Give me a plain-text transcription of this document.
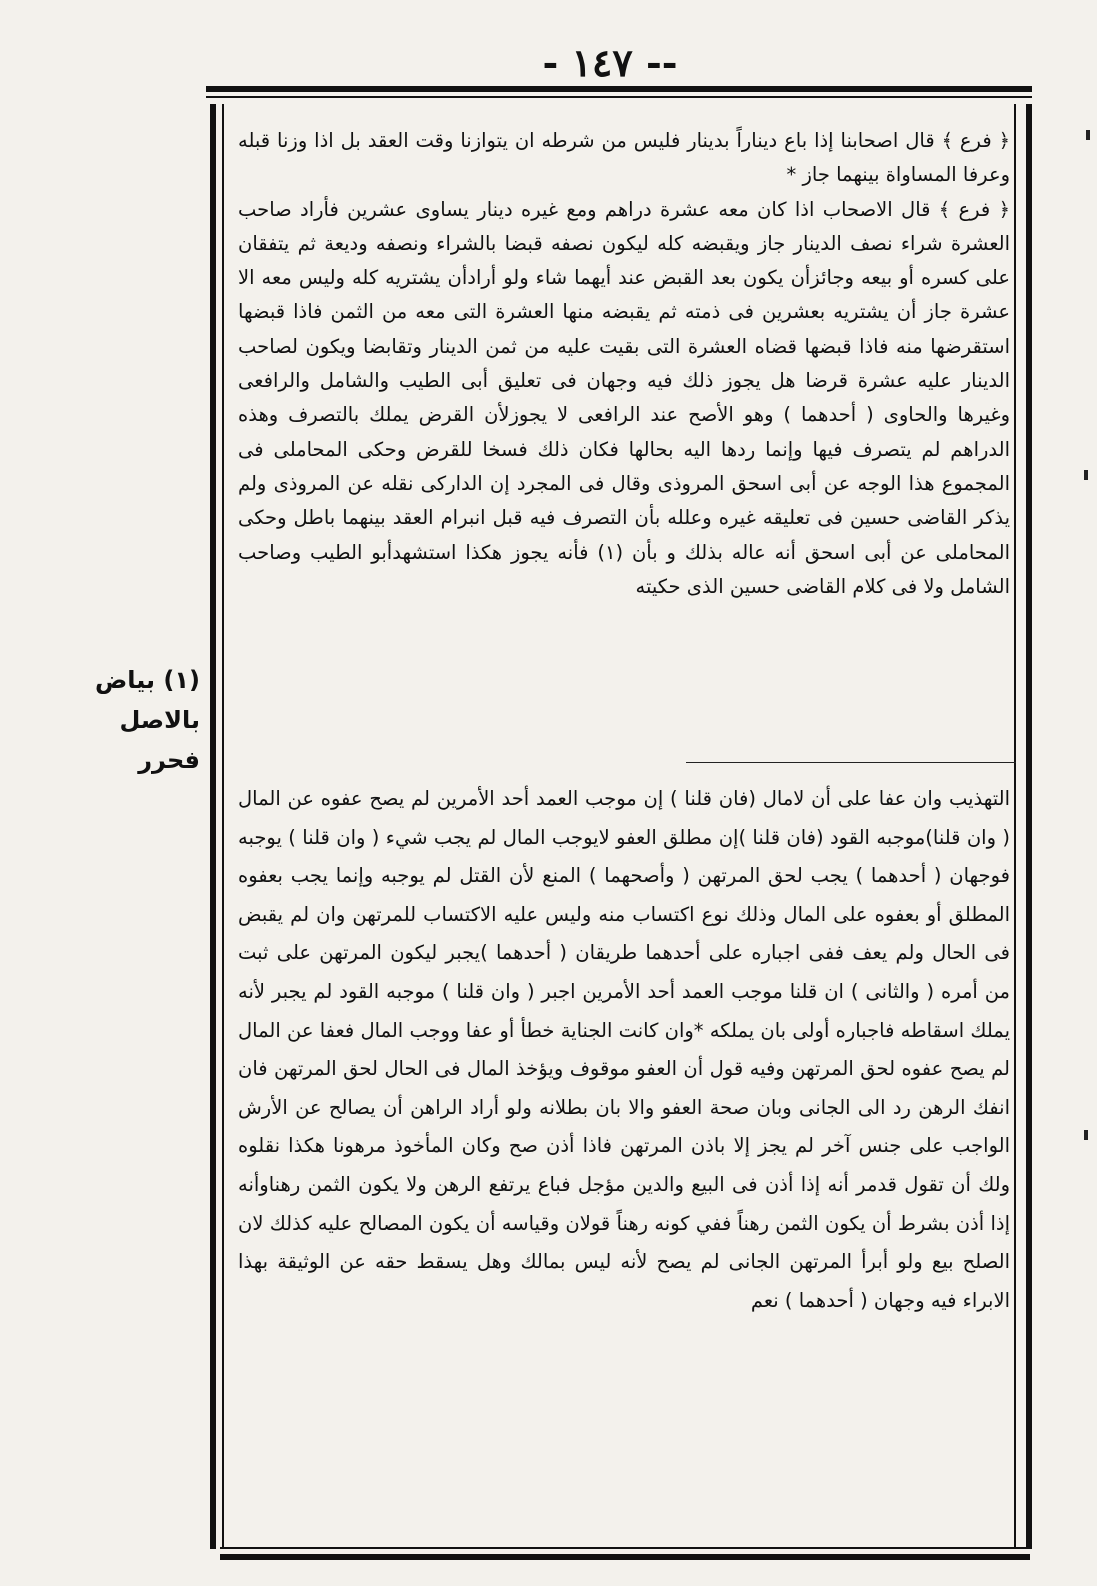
- ١٤٧ --

﴿ فرع ﴾ قال اصحابنا إذا باع ديناراً بدينار فليس من شرطه ان يتوازنا وقت العقد بل اذا وزنا قبله وعرفا المساواة بينهما جاز *

﴿ فرع ﴾ قال الاصحاب اذا كان معه عشرة دراهم ومع غيره دينار يساوى عشرين فأراد صاحب العشرة شراء نصف الدينار جاز ويقبضه كله ليكون نصفه قبضا بالشراء ونصفه وديعة ثم يتفقان على كسره أو بيعه وجائزأن يكون بعد القبض عند أيهما شاء ولو أرادأن يشتريه كله وليس معه الا عشرة جاز أن يشتريه بعشرين فى ذمته ثم يقبضه منها العشرة التى معه من الثمن فاذا قبضها استقرضها منه فاذا قبضها قضاه العشرة التى بقيت عليه من ثمن الدينار وتقابضا ويكون لصاحب الدينار عليه عشرة قرضا هل يجوز ذلك فيه وجهان فى تعليق أبى الطيب والشامل والرافعى وغيرها والحاوى ( أحدهما ) وهو الأصح عند الرافعى لا يجوزلأن القرض يملك بالتصرف وهذه الدراهم لم يتصرف فيها وإنما ردها اليه بحالها فكان ذلك فسخا للقرض وحكى المحاملى فى المجموع هذا الوجه عن أبى اسحق المروذى وقال فى المجرد إن الداركى نقله عن المروذى ولم يذكر القاضى حسين فى تعليقه غيره وعلله بأن التصرف فيه قبل انبرام العقد بينهما باطل وحكى المحاملى عن أبى اسحق أنه عاله بذلك و بأن (١) فأنه يجوز هكذا استشهدأبو الطيب وصاحب الشامل ولا فى كلام القاضى حسين الذى حكيته

التهذيب وان عفا على أن لامال (فان قلنا ) إن موجب العمد أحد الأمرين لم يصح عفوه عن المال ( وان قلنا)موجبه القود (فان قلنا )إن مطلق العفو لايوجب المال لم يجب شيء ( وان قلنا ) يوجبه فوجهان ( أحدهما ) يجب لحق المرتهن ( وأصحهما ) المنع لأن القتل لم يوجبه وإنما يجب بعفوه المطلق أو بعفوه على المال وذلك نوع اكتساب منه وليس عليه الاكتساب للمرتهن وان لم يقبض فى الحال ولم يعف ففى اجباره على أحدهما طريقان ( أحدهما )يجبر ليكون المرتهن على ثبت من أمره ( والثانى ) ان قلنا موجب العمد أحد الأمرين اجبر ( وان قلنا ) موجبه القود لم يجبر لأنه يملك اسقاطه فاجباره أولى بان يملكه *وان كانت الجناية خطأ أو عفا ووجب المال فعفا عن المال لم يصح عفوه لحق المرتهن وفيه قول أن العفو موقوف ويؤخذ المال فى الحال لحق المرتهن فان انفك الرهن رد الى الجانى وبان صحة العفو والا بان بطلانه ولو أراد الراهن أن يصالح عن الأرش الواجب على جنس آخر لم يجز إلا باذن المرتهن فاذا أذن صح وكان المأخوذ مرهونا هكذا نقلوه ولك أن تقول قدمر أنه إذا أذن فى البيع والدين مؤجل فباع يرتفع الرهن ولا يكون الثمن رهناوأنه إذا أذن بشرط أن يكون الثمن رهناً ففي كونه رهناً قولان وقياسه أن يكون المصالح عليه كذلك لان الصلح بيع ولو أبرأ المرتهن الجانى لم يصح لأنه ليس بمالك وهل يسقط حقه عن الوثيقة بهذا الابراء فيه وجهان ( أحدهما ) نعم
(١) بياض بالاصل
فحرر
